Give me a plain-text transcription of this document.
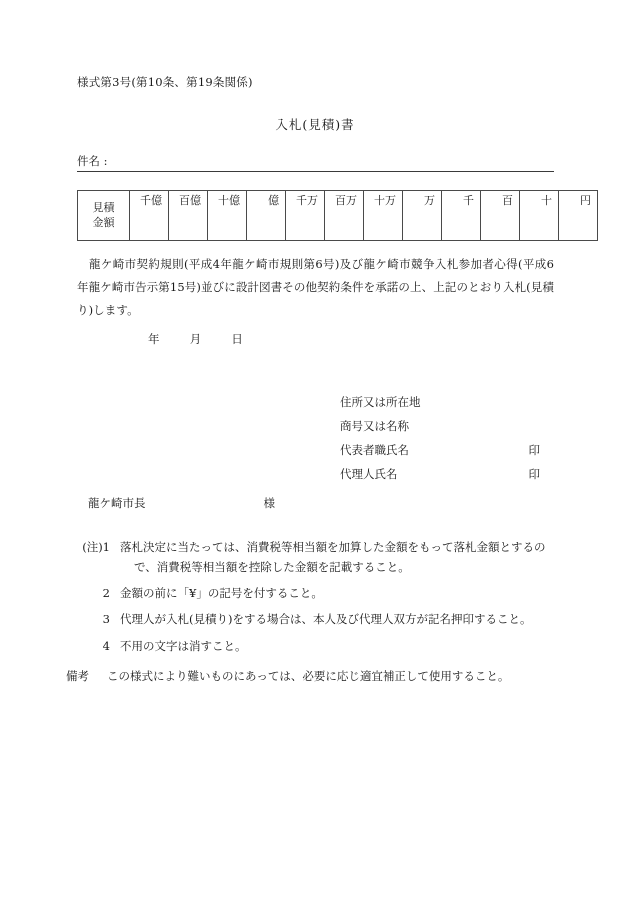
様式第3号(第10条、第19条関係)
入札(見積)書
件名 :
見積
金額	
千億	百億	十億	億	千万	百万	十万	万	千	百	十	円
龍ケ崎市契約規則(平成4年龍ケ崎市規則第6号)及び龍ケ崎市競争入札参加者心得(平成6年龍ケ崎市告示第15号)並びに設計図書その他契約条件を承諾の上、上記のとおり入札(見積り)します。
年	月	日
住所又は所在地
商号又は名称
代表者職氏名	印
代理人氏名	印
龍ケ崎市長	様
(注)1 落札決定に当たっては、消費税等相当額を加算した金額をもって落札金額とするの
で、消費税等相当額を控除した金額を記載すること。
2 金額の前に「¥」の記号を付すること。
3 代理人が入札(見積り)をする場合は、本人及び代理人双方が記名押印すること。
4 不用の文字は消すこと。
備考 この様式により難いものにあっては、必要に応じ適宜補正して使用すること。
